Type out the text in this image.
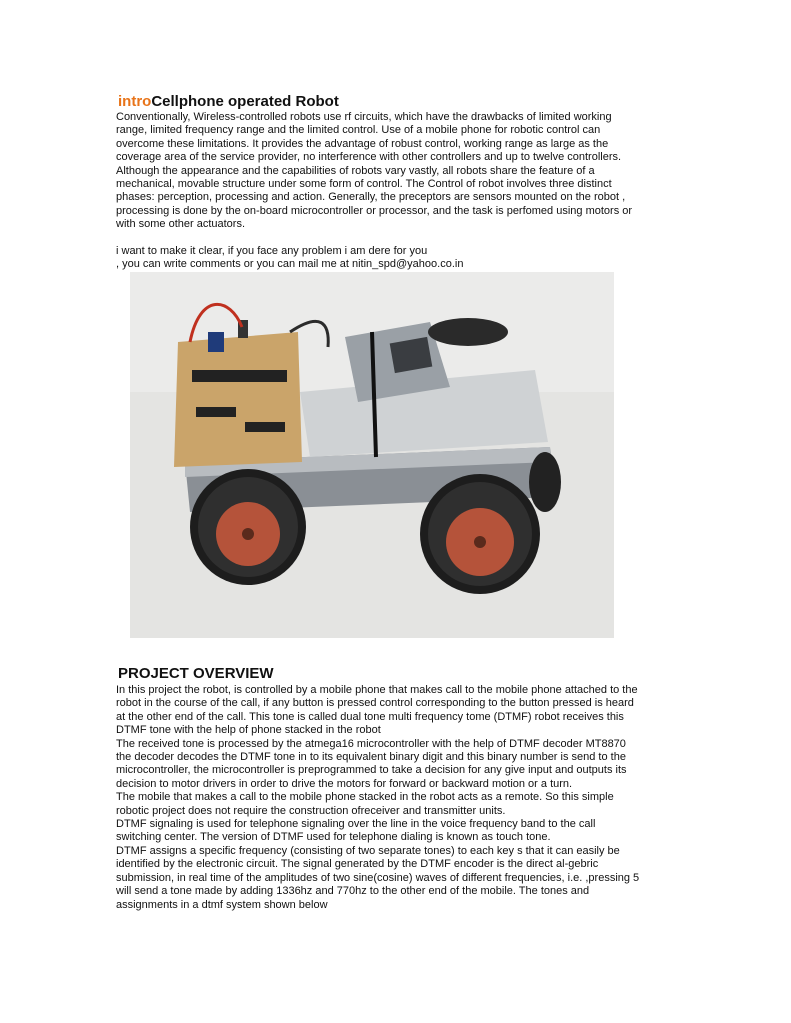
introCellphone operated Robot
Conventionally, Wireless-controlled robots use rf circuits, which have the drawbacks of limited working
range, limited frequency range and the limited control. Use of a mobile phone for robotic control can
overcome these limitations. It provides the advantage of robust control, working range as large as the
coverage area of the service provider, no interference with other controllers and up to twelve controllers.
Although the appearance and the capabilities of robots vary vastly, all robots share the feature of a
mechanical, movable structure under some form of control. The Control of robot involves three distinct
phases: perception, processing and action. Generally, the preceptors are sensors mounted on the robot ,
processing is done by the on-board microcontroller or processor, and the task is perfomed using motors or
with some other actuators.
i want to make it clear, if you face any problem i am dere for you
, you can write comments or you can mail me at nitin_spd@yahoo.co.in
PROJECT OVERVIEW
In this project the robot, is controlled by a mobile phone that makes call to the mobile phone attached to the
robot in the course of the call, if any button is pressed control corresponding to the button pressed is heard
at the other end of the call. This tone is called dual tone multi frequency tome (DTMF) robot receives this
DTMF tone with the help of phone stacked in the robot
The received tone is processed by the atmega16 microcontroller with the help of DTMF decoder MT8870
the decoder decodes the DTMF tone in to its equivalent binary digit and this binary number is send to the
microcontroller, the microcontroller is preprogrammed to take a decision for any give input and outputs its
decision to motor drivers in order to drive the motors for forward or backward motion or a turn.
The mobile that makes a call to the mobile phone stacked in the robot acts as a remote. So this simple
robotic project does not require the construction ofreceiver and transmitter units.
DTMF signaling is used for telephone signaling over the line in the voice frequency band to the call
switching center. The version of DTMF used for telephone dialing is known as touch tone.
DTMF assigns a specific frequency (consisting of two separate tones) to each key s that it can easily be
identified by the electronic circuit. The signal generated by the DTMF encoder is the direct al-gebric
submission, in real time of the amplitudes of two sine(cosine) waves of different frequencies, i.e. ,pressing 5
will send a tone made by adding 1336hz and 770hz to the other end of the mobile. The tones and
assignments in a dtmf system shown below
